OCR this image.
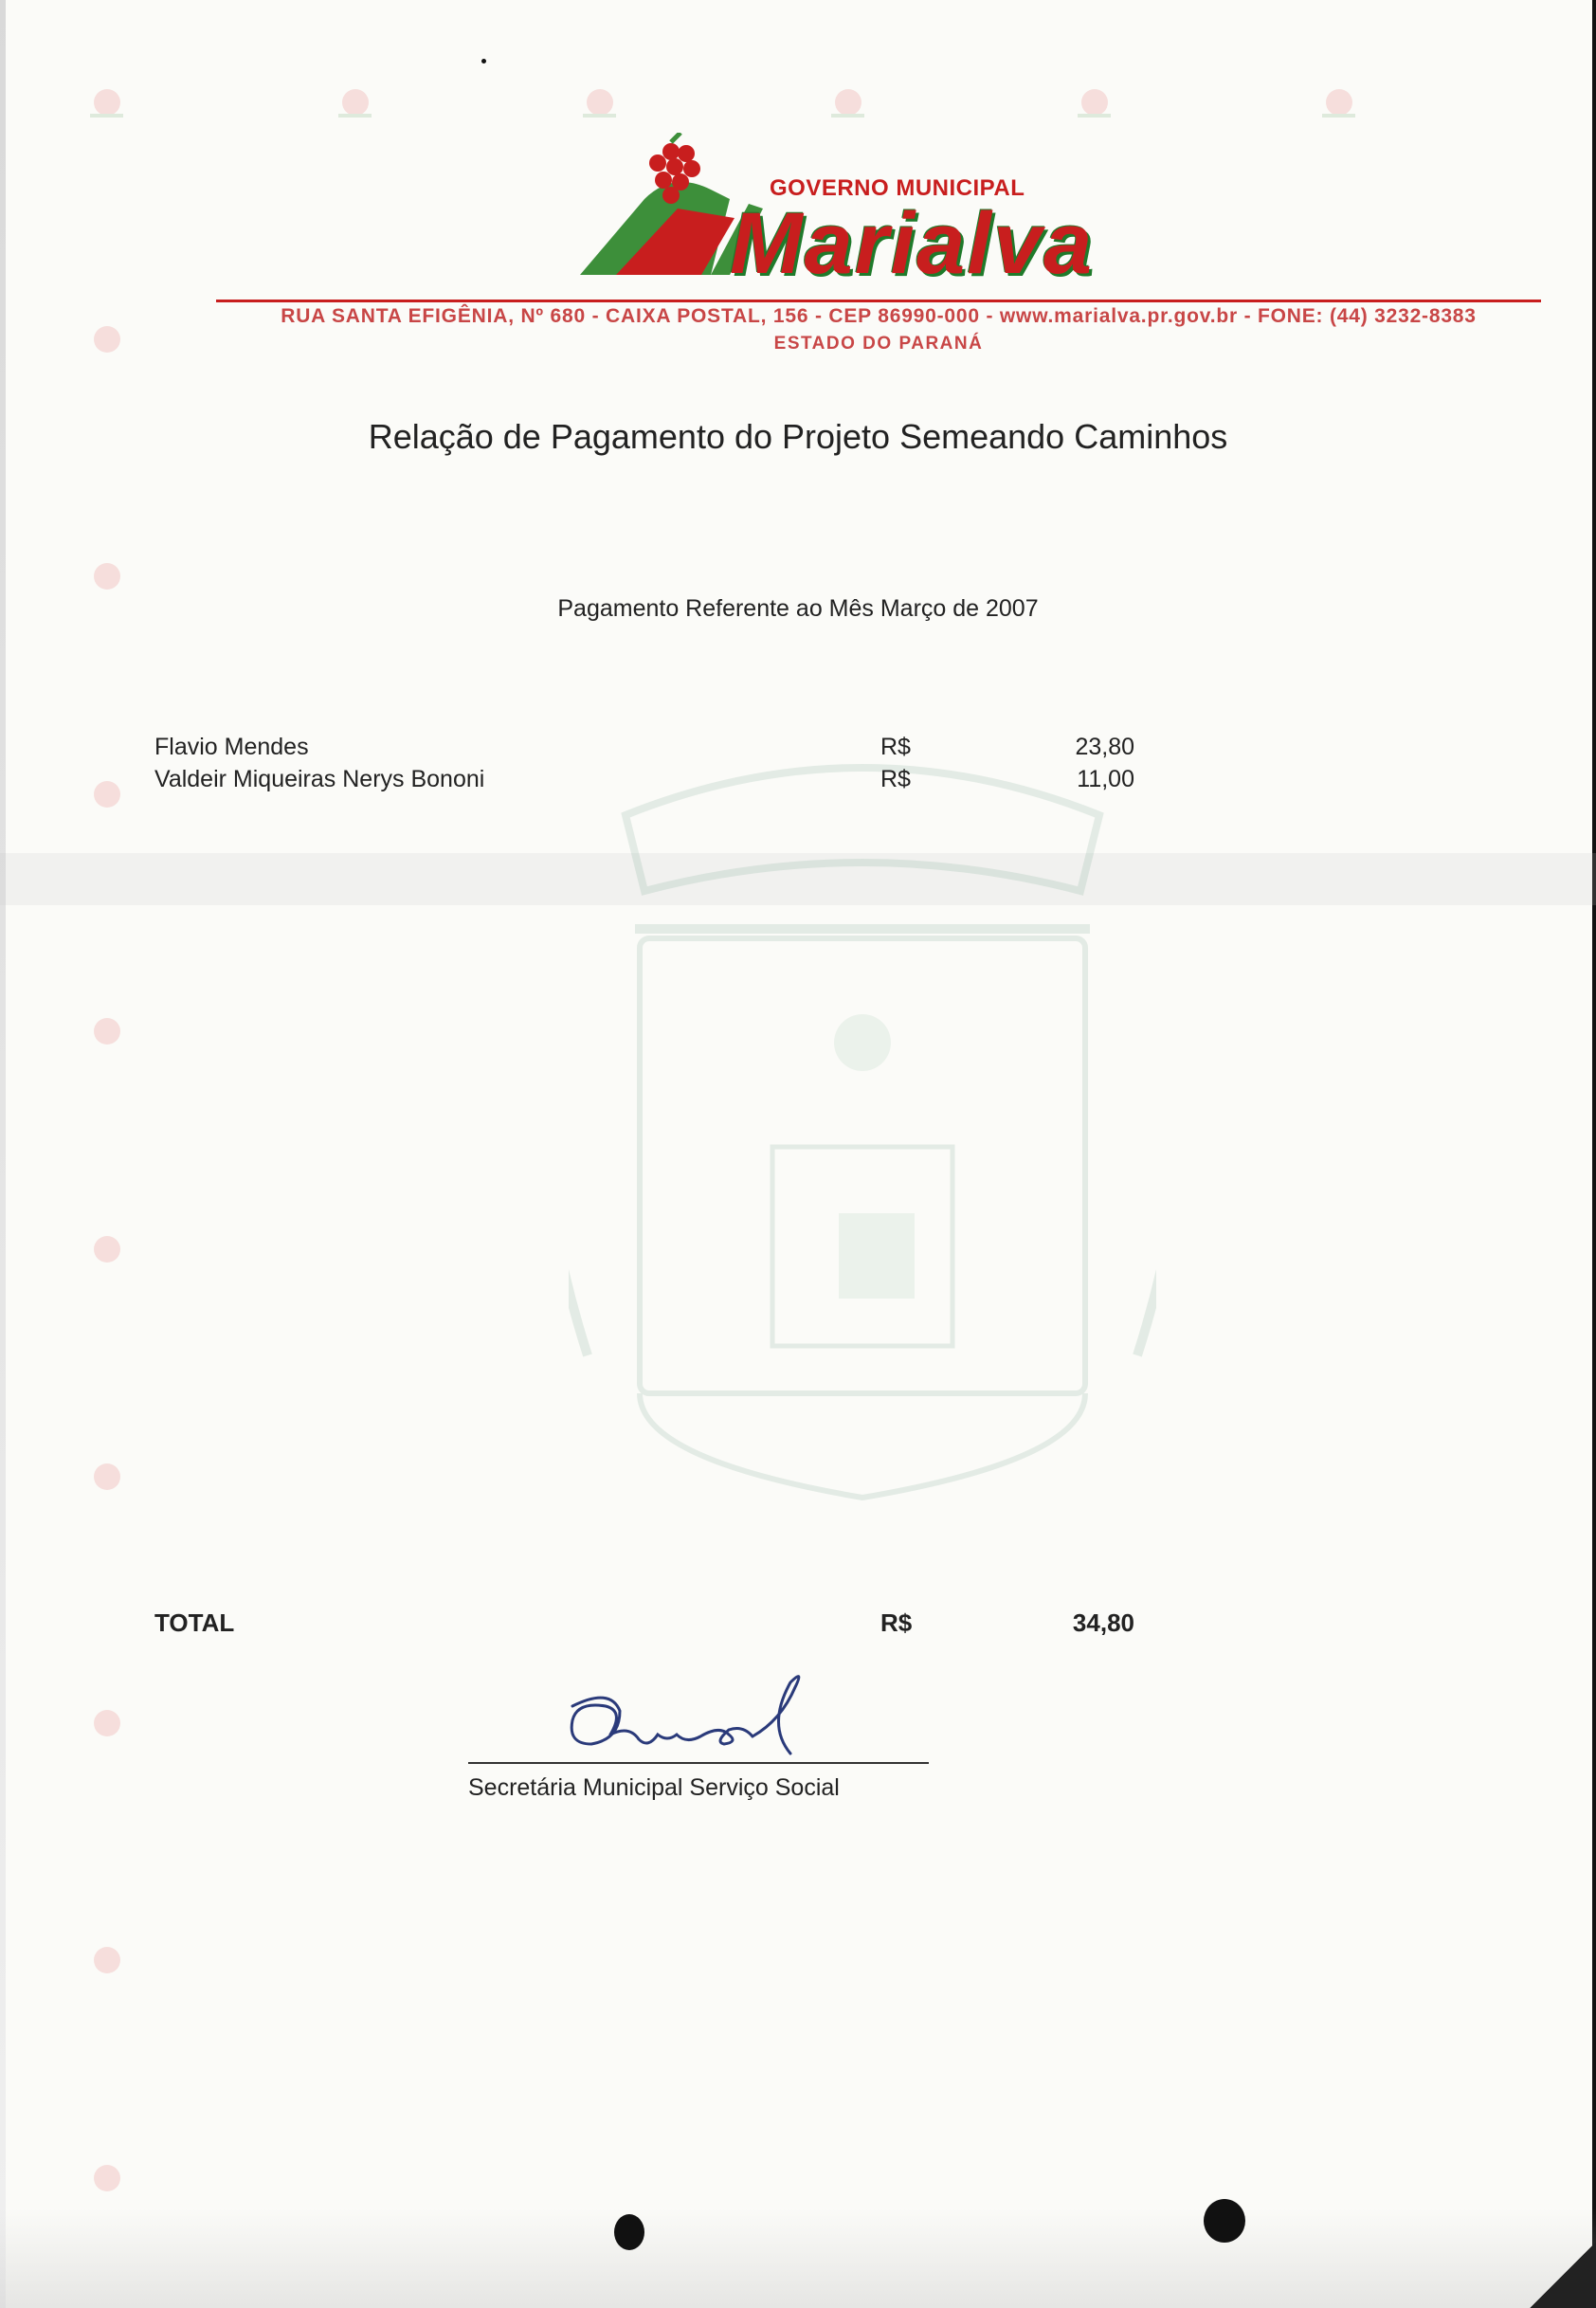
GOVERNO MUNICIPAL
Marialva
RUA SANTA EFIGÊNIA, Nº 680 - CAIXA POSTAL, 156 - CEP 86990-000 - www.marialva.pr.gov.br - FONE: (44) 3232-8383
ESTADO DO PARANÁ
Relação de Pagamento do Projeto Semeando Caminhos
Pagamento Referente ao Mês Março de 2007
Flavio Mendes	R$	23,80
Valdeir Miqueiras Nerys Bononi	R$	11,00
TOTAL	R$	34,80
Secretária Municipal Serviço Social
